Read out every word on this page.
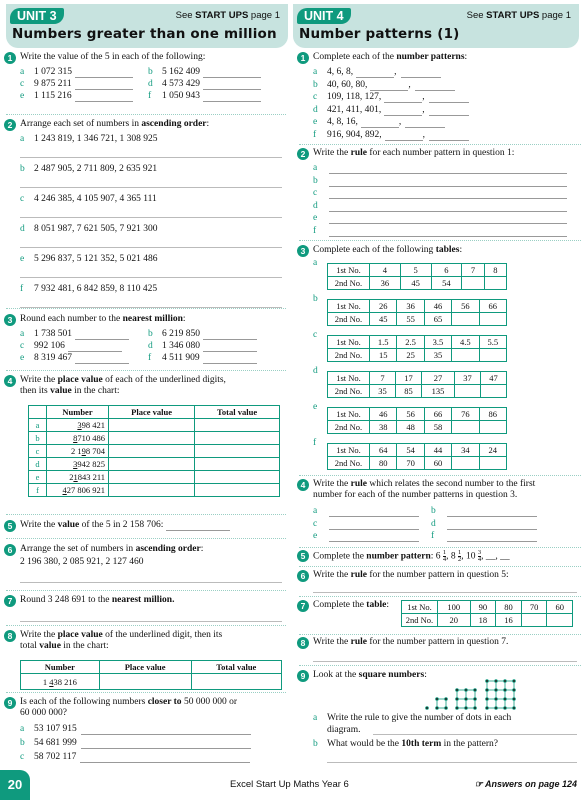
UNIT 3	See START UPS page 1
Numbers greater than one million
1 Write the value of the 5 in each of the following:
a 1 072 315	b 5 162 409
c 9 875 211	d 4 573 429
e 1 115 216	f 1 050 943
2 Arrange each set of numbers in ascending order:
a 1 243 819, 1 346 721, 1 308 925
b 2 487 905, 2 711 809, 2 635 921
c 4 246 385, 4 105 907, 4 365 111
d 8 051 987, 7 621 505, 7 921 300
e 5 296 837, 5 121 352, 5 021 486
f 7 932 481, 6 842 859, 8 110 425
3 Round each number to the nearest million:
a 1 738 501	b 6 219 850
c 992 106	d 1 346 080
e 8 319 467	f 4 511 909
4 Write the place value of each of the underlined digits,
then its value in the chart:
	Number	Place value	Total value
a	398 421		
b	8710 486		
c	2 198 704		
d	3942 825		
e	21843 211		
f	427 806 921		
5 Write the value of the 5 in 2 158 706:
6 Arrange the set of numbers in ascending order:
2 196 380, 2 085 921, 2 127 460
7 Round 3 248 691 to the nearest million.
8 Write the place value of the underlined digit, then its
total value in the chart:
Number	Place value	Total value
1 438 216		
9 Is each of the following numbers closer to 50 000 000 or
60 000 000?
a 53 107 915
b 54 681 999
c 58 702 117
UNIT 4	See START UPS page 1
Number patterns (1)
1 Complete each of the number patterns:
a 4, 6, 8,	,
b 40, 60, 80,	,
c 109, 118, 127,	,
d 421, 411, 401,	,
e 4, 8, 16,	,
f 916, 904, 892,	,
2 Write the rule for each number pattern in question 1:
a
b
c
d
e
f
3 Complete each of the following tables:
a
1st No.	4	5	6	7	8
2nd No.	36	45	54		
b
1st No.	26	36	46	56	66
2nd No.	45	55	65		
c
1st No.	1.5	2.5	3.5	4.5	5.5
2nd No.	15	25	35		
d
1st No.	7	17	27	37	47
2nd No.	35	85	135		
e
1st No.	46	56	66	76	86
2nd No.	38	48	58		
f
1st No.	64	54	44	34	24
2nd No.	80	70	60		
4 Write the rule which relates the second number to the first
number for each of the number patterns in question 3.
a	b
c	d
e	f
5 Complete the number pattern: $6 \frac{1}{4}$ , $8 \frac{1}{2}$ , $10 \frac{3}{4}$ , __, __
6 Write the rule for the number pattern in question 5:
7 Complete the table:	1st No.	100	90	80	70	60
2nd No.	20	18	16		
8 Write the rule for the number pattern in question 7.
9 Look at the square numbers:
a Write the rule to give the number of dots in each
diagram.
b What would be the 10th term in the pattern?
20	Excel Start Up Maths Year 6	☞ Answers on page 124
